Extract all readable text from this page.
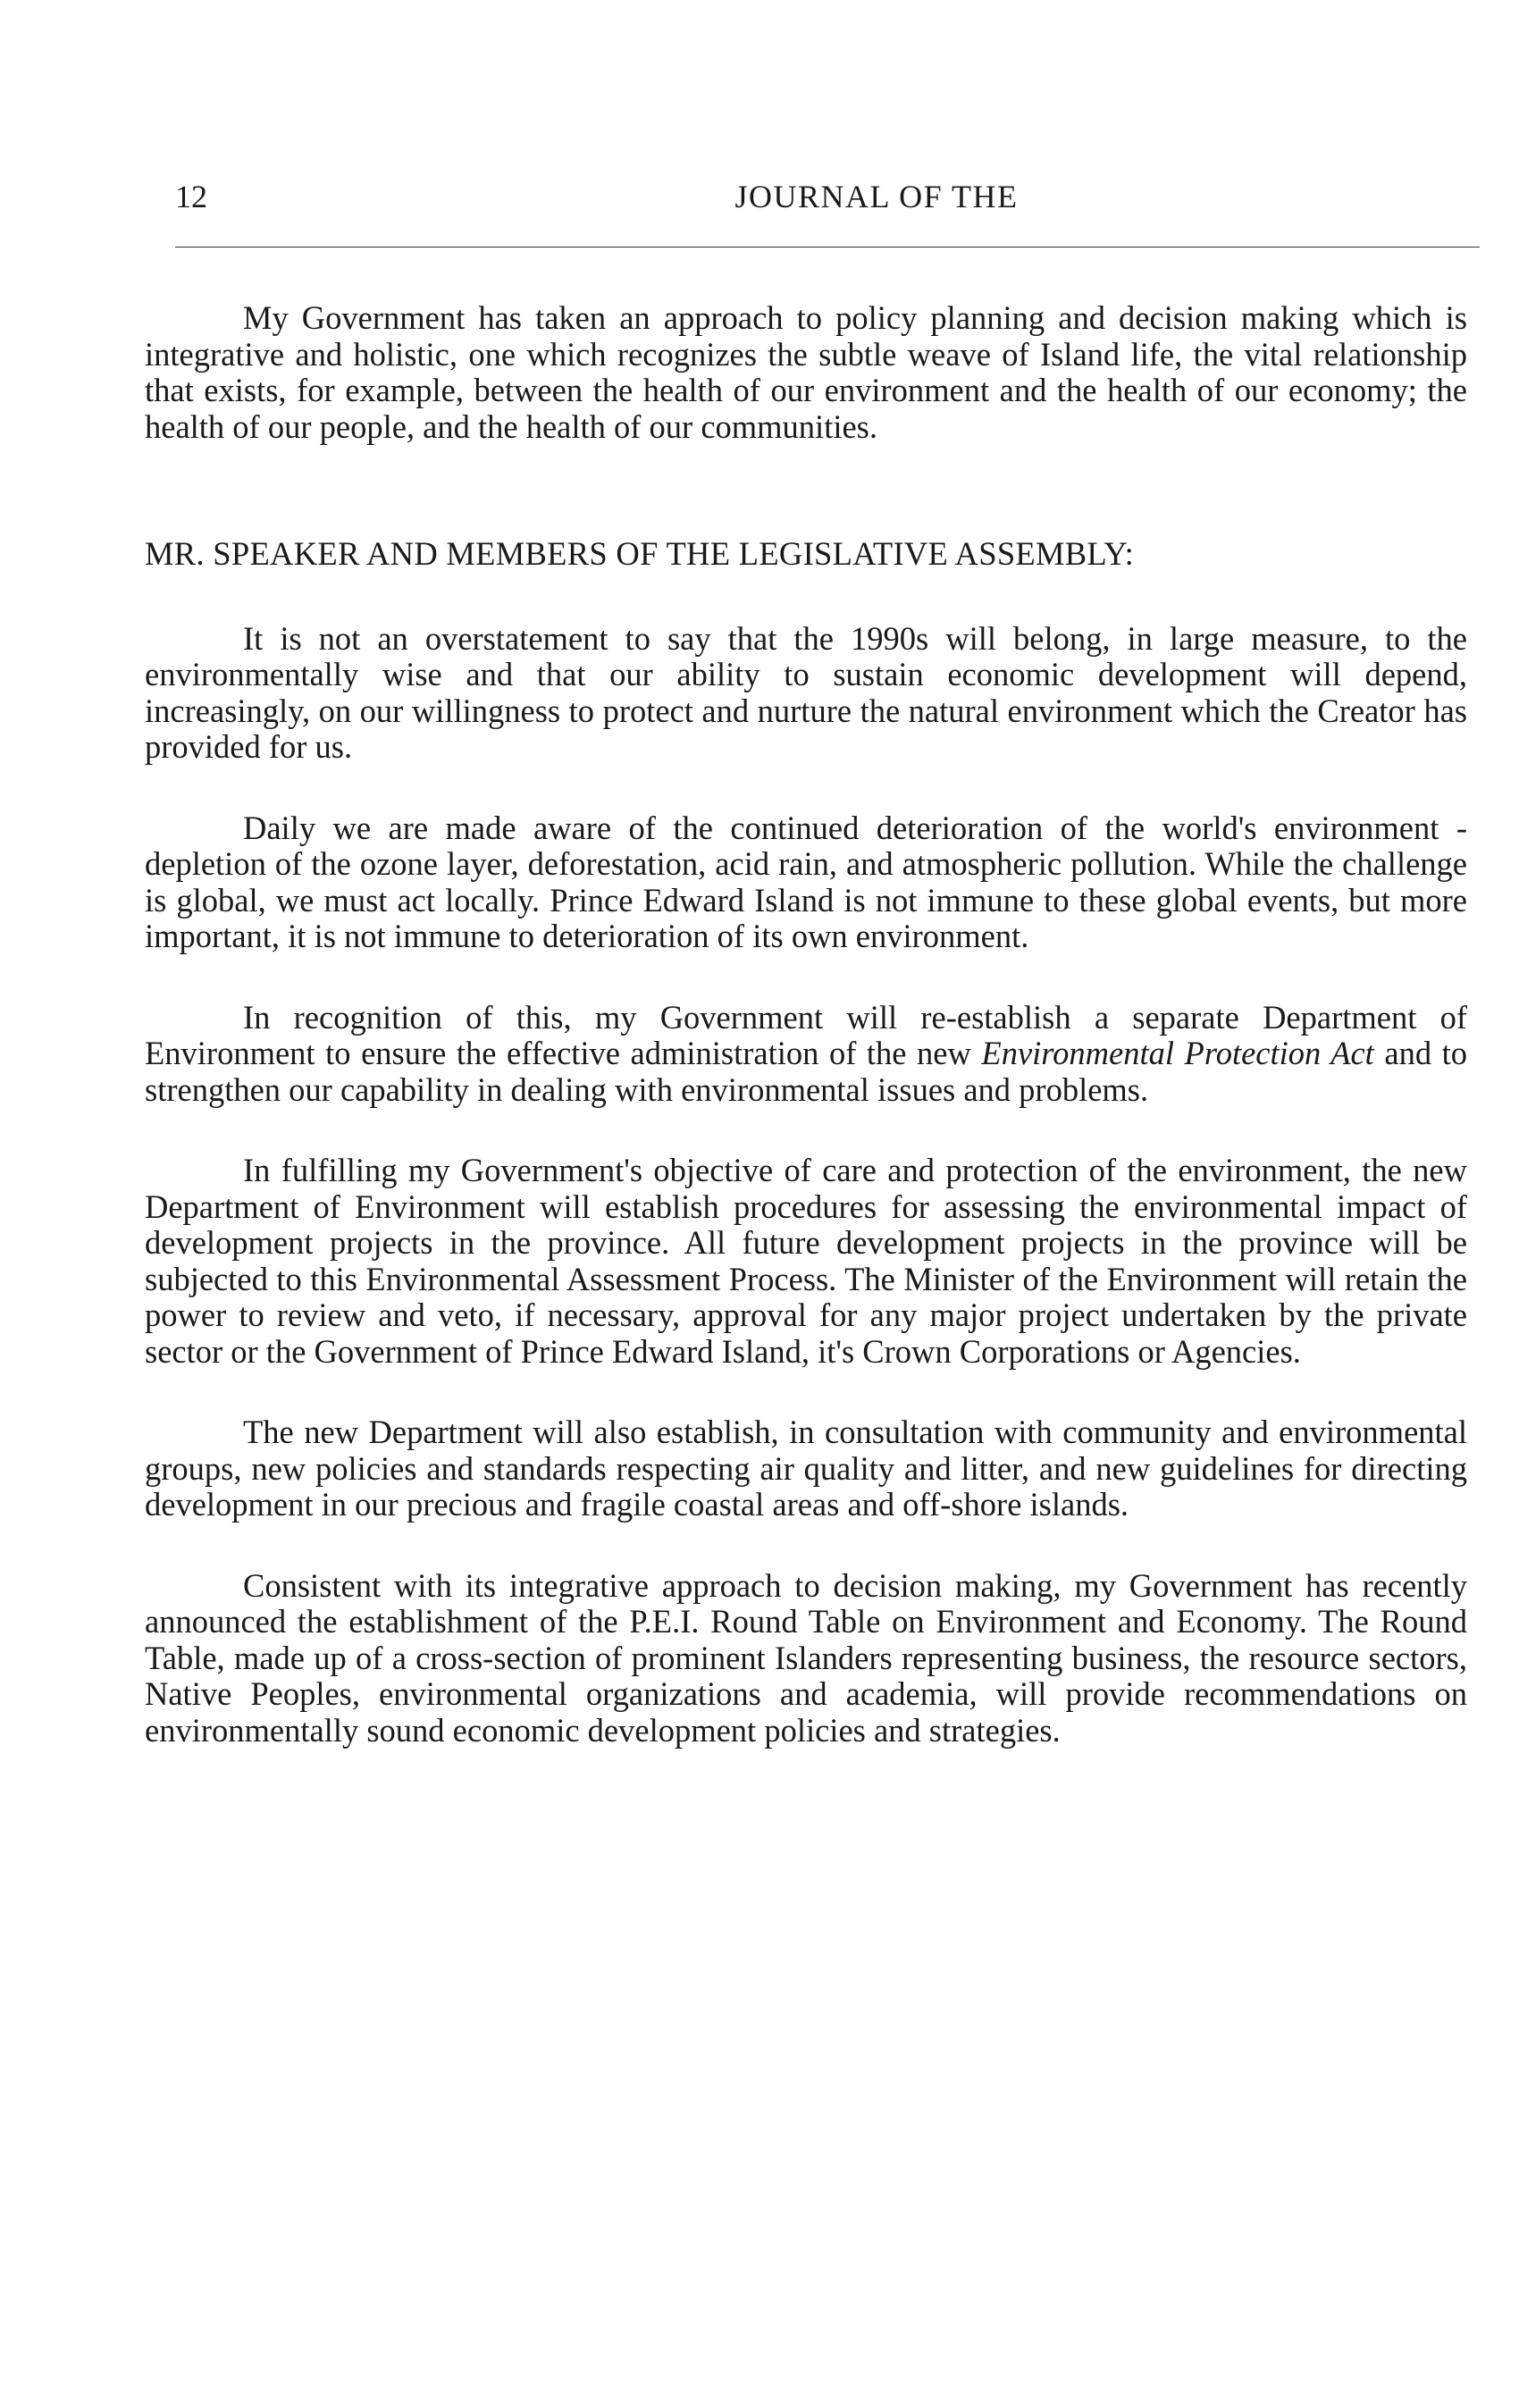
12	JOURNAL OF THE

My Government has taken an approach to policy planning and decision making which is integrative and holistic, one which recognizes the subtle weave of Island life, the vital relationship that exists, for example, between the health of our environment and the health of our economy; the health of our people, and the health of our communities.

MR. SPEAKER AND MEMBERS OF THE LEGISLATIVE ASSEMBLY:

It is not an overstatement to say that the 1990s will belong, in large measure, to the environmentally wise and that our ability to sustain economic development will depend, increasingly, on our willingness to protect and nurture the natural environment which the Creator has provided for us.

Daily we are made aware of the continued deterioration of the world's environment - depletion of the ozone layer, deforestation, acid rain, and atmospheric pollution. While the challenge is global, we must act locally. Prince Edward Island is not immune to these global events, but more important, it is not immune to deterioration of its own environment.

In recognition of this, my Government will re-establish a separate Department of Environment to ensure the effective administration of the new Environmental Protection Act and to strengthen our capability in dealing with environmental issues and problems.

In fulfilling my Government's objective of care and protection of the environment, the new Department of Environment will establish procedures for assessing the environmental impact of development projects in the province. All future development projects in the province will be subjected to this Environmental Assessment Process. The Minister of the Environment will retain the power to review and veto, if necessary, approval for any major project undertaken by the private sector or the Government of Prince Edward Island, it's Crown Corporations or Agencies.

The new Department will also establish, in consultation with community and environmental groups, new policies and standards respecting air quality and litter, and new guidelines for directing development in our precious and fragile coastal areas and off-shore islands.

Consistent with its integrative approach to decision making, my Government has recently announced the establishment of the P.E.I. Round Table on Environment and Economy. The Round Table, made up of a cross-section of prominent Islanders representing business, the resource sectors, Native Peoples, environmental organizations and academia, will provide recommendations on environmentally sound economic development policies and strategies.
